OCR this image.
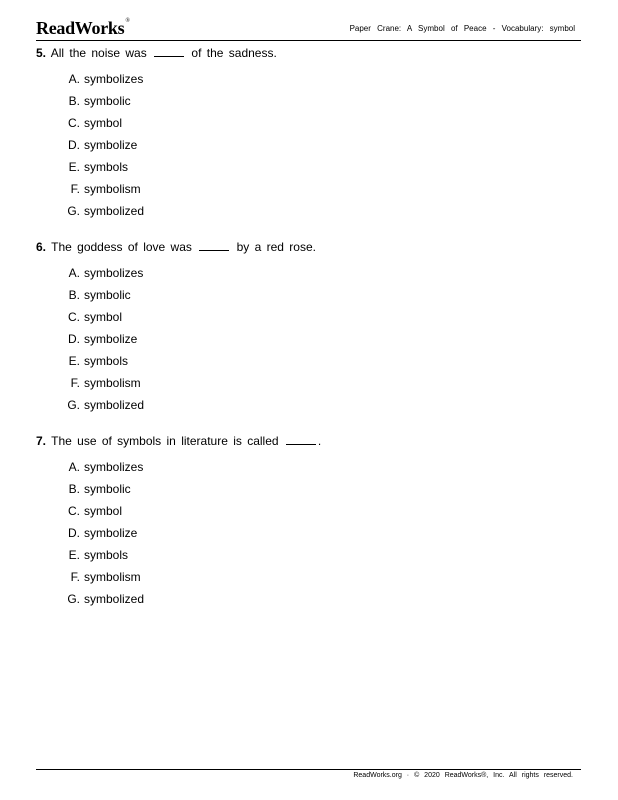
ReadWorks®
Paper Crane: A Symbol of Peace - Vocabulary: symbol
5. All the noise was	of the sadness.
A. symbolizes
B. symbolic
C. symbol
D. symbolize
E. symbols
F. symbolism
G. symbolized
6. The goddess of love was	by a red rose.
A. symbolizes
B. symbolic
C. symbol
D. symbolize
E. symbols
F. symbolism
G. symbolized
7. The use of symbols in literature is called	.
A. symbolizes
B. symbolic
C. symbol
D. symbolize
E. symbols
F. symbolism
G. symbolized
ReadWorks.org · © 2020 ReadWorks®, Inc. All rights reserved.
